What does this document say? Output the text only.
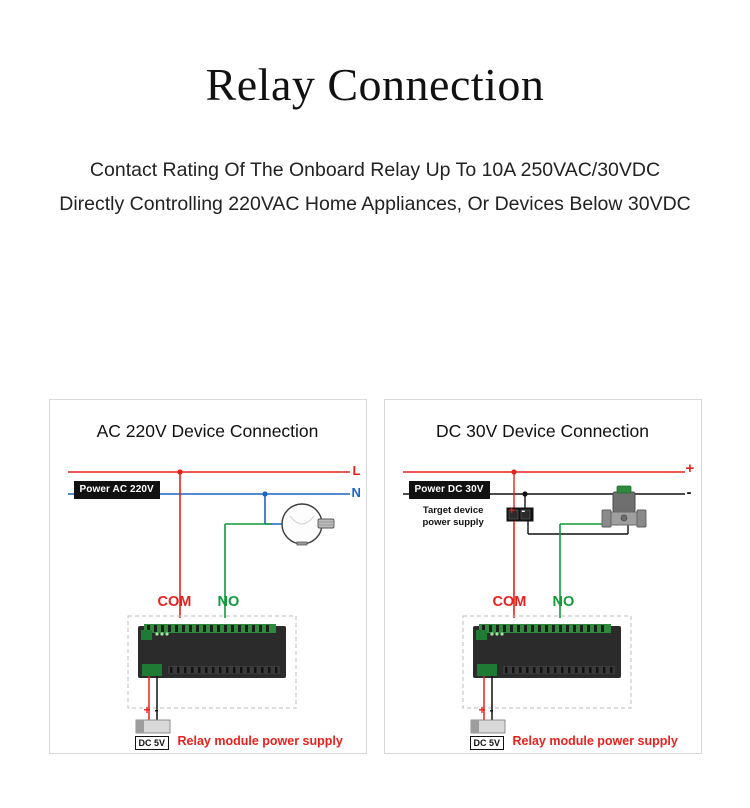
Relay Connection
Contact Rating Of The Onboard Relay Up To 10A 250VAC/30VDC
Directly Controlling 220VAC Home Appliances, Or Devices Below 30VDC
AC 220V Device Connection
Power AC 220V
L
N
COM NO
+ -
DC 5V Relay module power supply
DC 30V Device Connection
Power DC 30V
+
-
Target device
power supply
+ -
COM NO
+ -
DC 5V Relay module power supply
